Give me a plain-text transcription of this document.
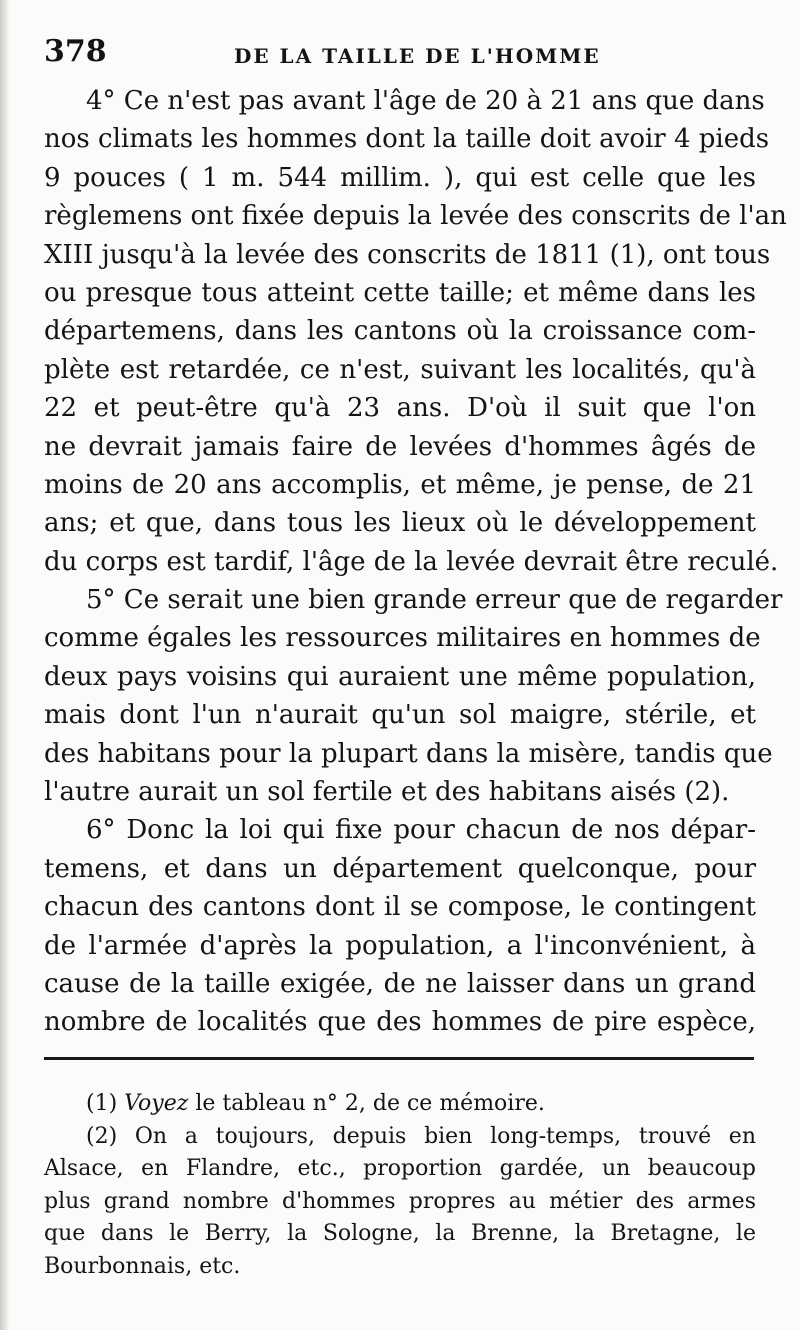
378	DE LA TAILLE DE L'HOMME
4° Ce n'est pas avant l'âge de 20 à 21 ans que dans
nos climats les hommes dont la taille doit avoir 4 pieds
9 pouces ( 1 m. 544 millim. ), qui est celle que les
règlemens ont fixée depuis la levée des conscrits de l'an
XIII jusqu'à la levée des conscrits de 1811 (1), ont tous
ou presque tous atteint cette taille; et même dans les
départemens, dans les cantons où la croissance com-
plète est retardée, ce n'est, suivant les localités, qu'à
22 et peut-être qu'à 23 ans. D'où il suit que l'on
ne devrait jamais faire de levées d'hommes âgés de
moins de 20 ans accomplis, et même, je pense, de 21
ans; et que, dans tous les lieux où le développement
du corps est tardif, l'âge de la levée devrait être reculé.
5° Ce serait une bien grande erreur que de regarder
comme égales les ressources militaires en hommes de
deux pays voisins qui auraient une même population,
mais dont l'un n'aurait qu'un sol maigre, stérile, et
des habitans pour la plupart dans la misère, tandis que
l'autre aurait un sol fertile et des habitans aisés (2).
6° Donc la loi qui fixe pour chacun de nos dépar-
temens, et dans un département quelconque, pour
chacun des cantons dont il se compose, le contingent
de l'armée d'après la population, a l'inconvénient, à
cause de la taille exigée, de ne laisser dans un grand
nombre de localités que des hommes de pire espèce,
(1) Voyez le tableau n° 2, de ce mémoire.
(2) On a toujours, depuis bien long-temps, trouvé en
Alsace, en Flandre, etc., proportion gardée, un beaucoup
plus grand nombre d'hommes propres au métier des armes
que dans le Berry, la Sologne, la Brenne, la Bretagne, le
Bourbonnais, etc.
